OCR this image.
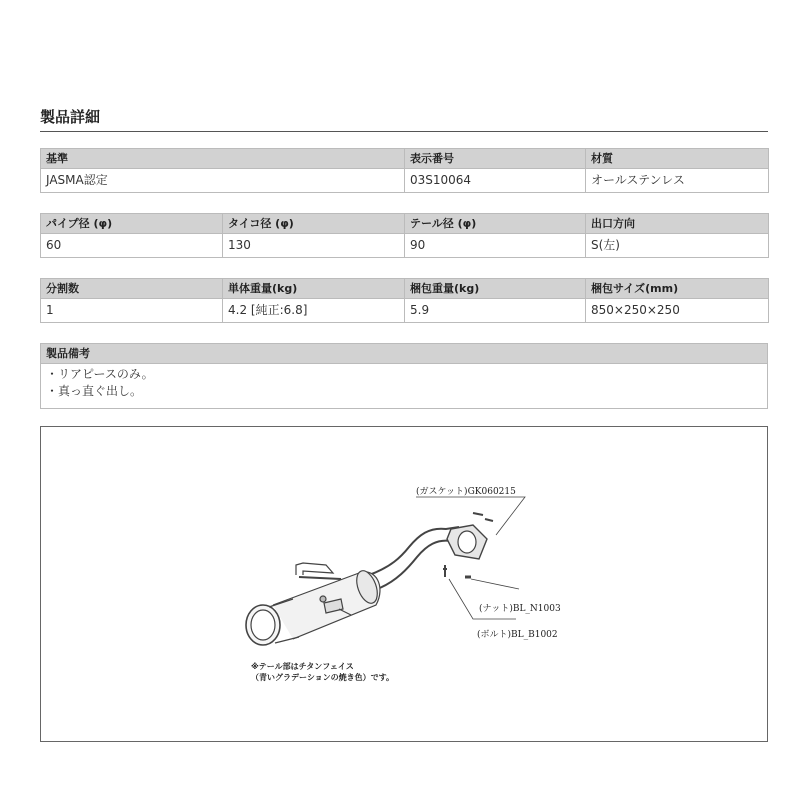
製品詳細
基準	表示番号	材質
JASMA認定	03S10064	オールステンレス
パイプ径 (φ)	タイコ径 (φ)	テール径 (φ)	出口方向
60	130	90	S(左)
分割数	単体重量(kg)	梱包重量(kg)	梱包サイズ(mm)
1	4.2 [純正:6.8]	5.9	850×250×250
製品備考

・リアピースのみ。
・真っ直ぐ出し。
(ガスケット)GK060215
(ナット)BL_N1003
(ボルト)BL_B1002
※テール部はチタンフェイス
（青いグラデーションの焼き色）です。
